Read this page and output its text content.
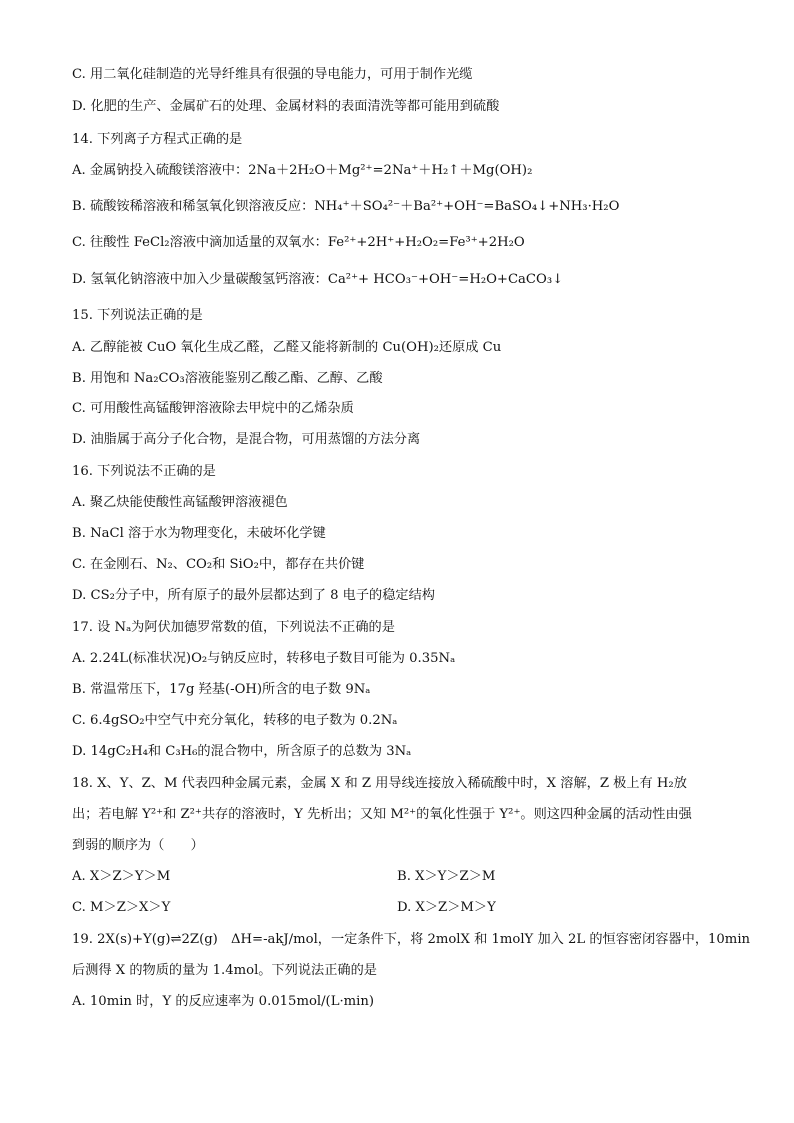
C. 用二氧化硅制造的光导纤维具有很强的导电能力，可用于制作光缆
D. 化肥的生产、金属矿石的处理、金属材料的表面清洗等都可能用到硫酸
14. 下列离子方程式正确的是
A. 金属钠投入硫酸镁溶液中：2Na＋2H₂O＋Mg²⁺=2Na⁺＋H₂↑＋Mg(OH)₂
B. 硫酸铵稀溶液和稀氢氧化钡溶液反应：NH₄⁺＋SO₄²⁻＋Ba²⁺+OH⁻=BaSO₄↓+NH₃·H₂O
C. 往酸性 FeCl₂溶液中滴加适量的双氧水：Fe²⁺+2H⁺+H₂O₂=Fe³⁺+2H₂O
D. 氢氧化钠溶液中加入少量碳酸氢钙溶液：Ca²⁺+ HCO₃⁻+OH⁻=H₂O+CaCO₃↓
15. 下列说法正确的是
A. 乙醇能被 CuO 氧化生成乙醛，乙醛又能将新制的 Cu(OH)₂还原成 Cu
B. 用饱和 Na₂CO₃溶液能鉴别乙酸乙酯、乙醇、乙酸
C. 可用酸性高锰酸钾溶液除去甲烷中的乙烯杂质
D. 油脂属于高分子化合物，是混合物，可用蒸馏的方法分离
16. 下列说法不正确的是
A. 聚乙炔能使酸性高锰酸钾溶液褪色
B. NaCl 溶于水为物理变化，未破坏化学键
C. 在金刚石、N₂、CO₂和 SiO₂中，都存在共价键
D. CS₂分子中，所有原子的最外层都达到了 8 电子的稳定结构
17. 设 Nₐ为阿伏加德罗常数的值，下列说法不正确的是
A. 2.24L(标准状况)O₂与钠反应时，转移电子数目可能为 0.35Nₐ
B. 常温常压下，17g 羟基(-OH)所含的电子数 9Nₐ
C. 6.4gSO₂中空气中充分氧化，转移的电子数为 0.2Nₐ
D. 14gC₂H₄和 C₃H₆的混合物中，所含原子的总数为 3Nₐ
18. X、Y、Z、M 代表四种金属元素，金属 X 和 Z 用导线连接放入稀硫酸中时，X 溶解，Z 极上有 H₂放
出；若电解 Y²⁺和 Z²⁺共存的溶液时，Y 先析出；又知 M²⁺的氧化性强于 Y²⁺。则这四种金属的活动性由强
到弱的顺序为（　　）
A. X＞Z＞Y＞M	B. X＞Y＞Z＞M
C. M＞Z＞X＞Y	D. X＞Z＞M＞Y
19. 2X(s)+Y(g)⇌2Z(g)　ΔH=-akJ/mol，一定条件下，将 2molX 和 1molY 加入 2L 的恒容密闭容器中，10min
后测得 X 的物质的量为 1.4mol。下列说法正确的是
A. 10min 时，Y 的反应速率为 0.015mol/(L·min)
